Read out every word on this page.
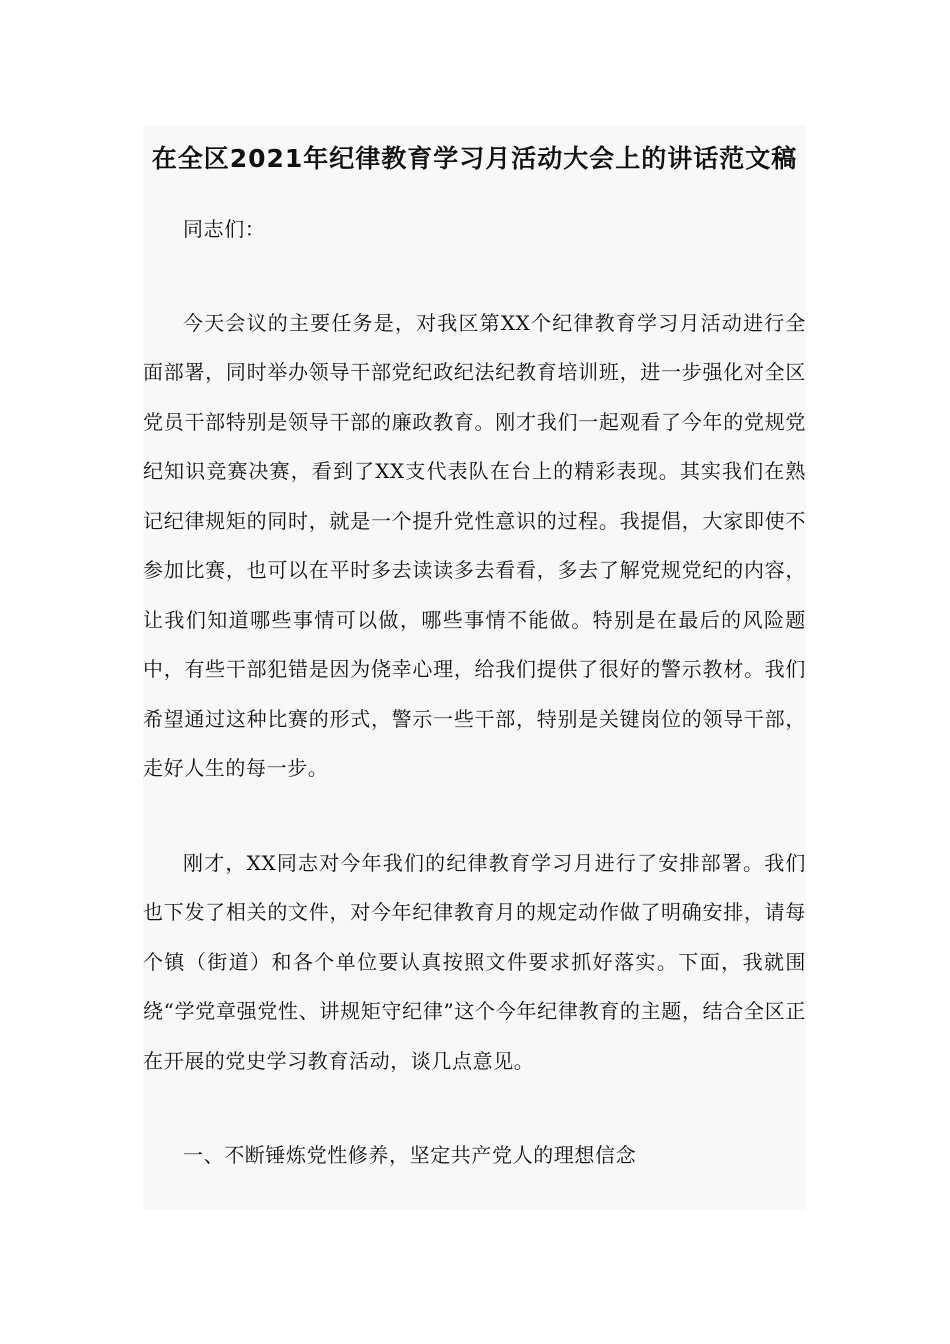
在全区2021年纪律教育学习月活动大会上的讲话范文稿

同志们：

今天会议的主要任务是，对我区第XX个纪律教育学习月活动进行全面部署，同时举办领导干部党纪政纪法纪教育培训班，进一步强化对全区党员干部特别是领导干部的廉政教育。刚才我们一起观看了今年的党规党纪知识竞赛决赛，看到了XX支代表队在台上的精彩表现。其实我们在熟记纪律规矩的同时，就是一个提升党性意识的过程。我提倡，大家即使不参加比赛，也可以在平时多去读读多去看看，多去了解党规党纪的内容，让我们知道哪些事情可以做，哪些事情不能做。特别是在最后的风险题中，有些干部犯错是因为侥幸心理，给我们提供了很好的警示教材。我们希望通过这种比赛的形式，警示一些干部，特别是关键岗位的领导干部，走好人生的每一步。

刚才，XX同志对今年我们的纪律教育学习月进行了安排部署。我们也下发了相关的文件，对今年纪律教育月的规定动作做了明确安排，请每个镇（街道）和各个单位要认真按照文件要求抓好落实。下面，我就围绕“学党章强党性、讲规矩守纪律”这个今年纪律教育的主题，结合全区正在开展的党史学习教育活动，谈几点意见。

一、不断锤炼党性修养，坚定共产党人的理想信念
